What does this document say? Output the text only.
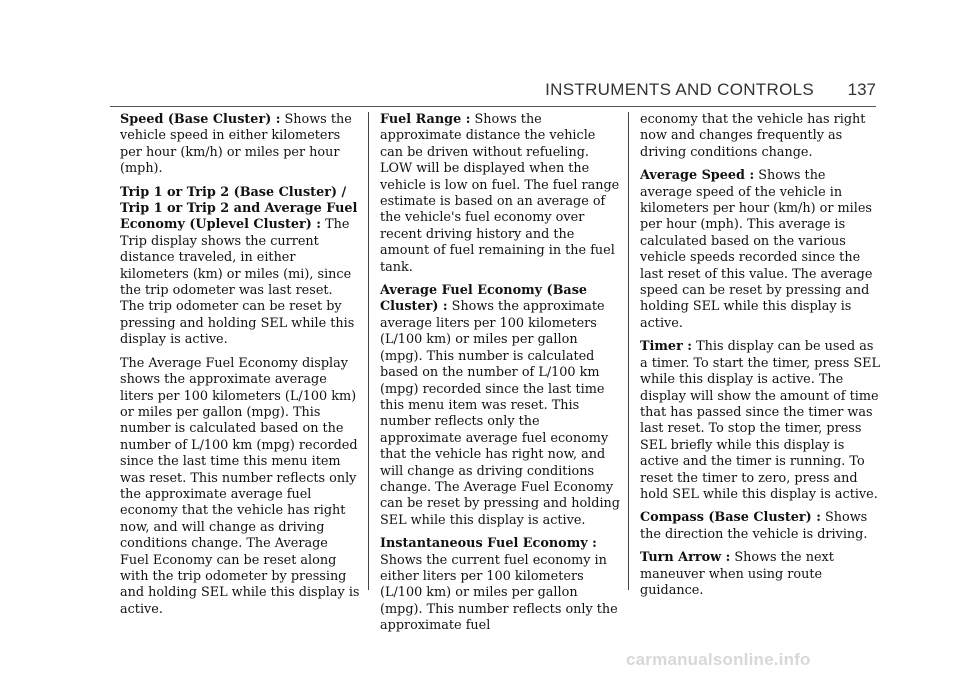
INSTRUMENTS AND CONTROLS 137

Speed (Base Cluster) : Shows the vehicle speed in either kilometers per hour (km/h) or miles per hour (mph).

Trip 1 or Trip 2 (Base Cluster) / Trip 1 or Trip 2 and Average Fuel Economy (Uplevel Cluster) : The Trip display shows the current distance traveled, in either kilometers (km) or miles (mi), since the trip odometer was last reset. The trip odometer can be reset by pressing and holding SEL while this display is active.

The Average Fuel Economy display shows the approximate average liters per 100 kilometers (L/100 km) or miles per gallon (mpg). This number is calculated based on the number of L/100 km (mpg) recorded since the last time this menu item was reset. This number reflects only the approximate average fuel economy that the vehicle has right now, and will change as driving conditions change. The Average Fuel Economy can be reset along with the trip odometer by pressing and holding SEL while this display is active.

Fuel Range : Shows the approximate distance the vehicle can be driven without refueling. LOW will be displayed when the vehicle is low on fuel. The fuel range estimate is based on an average of the vehicle's fuel economy over recent driving history and the amount of fuel remaining in the fuel tank.

Average Fuel Economy (Base Cluster) : Shows the approximate average liters per 100 kilometers (L/100 km) or miles per gallon (mpg). This number is calculated based on the number of L/100 km (mpg) recorded since the last time this menu item was reset. This number reflects only the approximate average fuel economy that the vehicle has right now, and will change as driving conditions change. The Average Fuel Economy can be reset by pressing and holding SEL while this display is active.

Instantaneous Fuel Economy : Shows the current fuel economy in either liters per 100 kilometers (L/100 km) or miles per gallon (mpg). This number reflects only the approximate fuel

economy that the vehicle has right now and changes frequently as driving conditions change.

Average Speed : Shows the average speed of the vehicle in kilometers per hour (km/h) or miles per hour (mph). This average is calculated based on the various vehicle speeds recorded since the last reset of this value. The average speed can be reset by pressing and holding SEL while this display is active.

Timer : This display can be used as a timer. To start the timer, press SEL while this display is active. The display will show the amount of time that has passed since the timer was last reset. To stop the timer, press SEL briefly while this display is active and the timer is running. To reset the timer to zero, press and hold SEL while this display is active.

Compass (Base Cluster) : Shows the direction the vehicle is driving.

Turn Arrow : Shows the next maneuver when using route guidance.

carmanualsonline.info
